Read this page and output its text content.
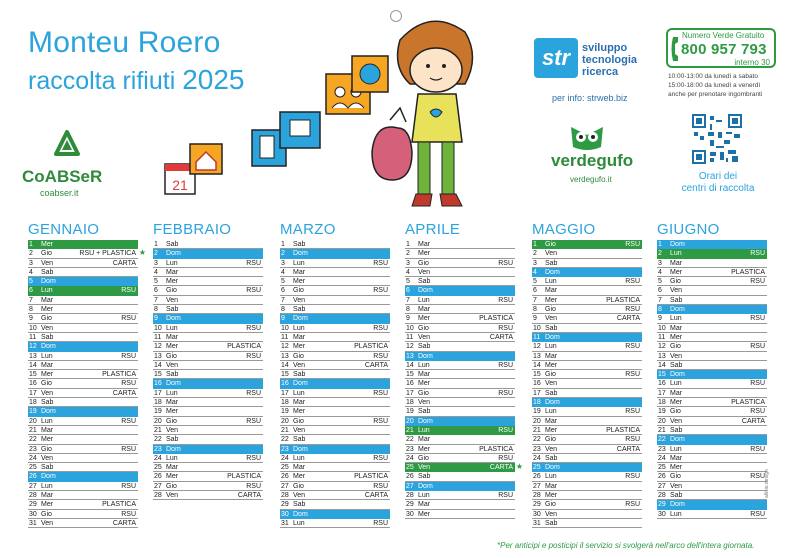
Monteu Roero
raccolta rifiuti 2025
CoABSeR
coabser.it	21
str	sviluppo
tecnologia
ricerca
per info: strweb.biz
verdegufo
verdegufo.it
Numero Verde Gratuito
800 957 793
interno 30
10:00-13:00 da lunedì a sabato
15:00-18:00 da lunedì a venerdì
anche per prenotare ingombranti
Orari dei
centri di raccolta
GENNAIO
1	Mer
2	Gio	RSU + PLASTICA ★
3	Ven	CARTA
4	Sab
5	Dom
6	Lun	RSU
7	Mar
8	Mer
9	Gio	RSU
10 Ven
11 Sab
12 Dom
13 Lun	RSU
14 Mar
15 Mer	PLASTICA
16 Gio	RSU
17 Ven	CARTA
18 Sab
19 Dom
20 Lun	RSU
21 Mar
22 Mer
23 Gio	RSU
24 Ven
25 Sab
26 Dom
27 Lun	RSU
28 Mar
29 Mer	PLASTICA
30 Gio	RSU
31 Ven	CARTA
FEBBRAIO
1	Sab
2	Dom
3	Lun	RSU
4	Mar
5	Mer
6	Gio	RSU
7	Ven
8	Sab
9	Dom
10 Lun	RSU
11 Mar
12 Mer	PLASTICA
13 Gio	RSU
14 Ven
15 Sab
16 Dom
17 Lun	RSU
18 Mar
19 Mer
20 Gio	RSU
21 Ven
22 Sab
23 Dom
24 Lun	RSU
25 Mar
26 Mer	PLASTICA
27 Gio	RSU
28 Ven	CARTA
MARZO
1	Sab
2	Dom
3	Lun	RSU
4	Mar
5	Mer
6	Gio	RSU
7	Ven
8	Sab
9	Dom
10 Lun	RSU
11 Mar
12 Mer	PLASTICA
13 Gio	RSU
14 Ven	CARTA
15 Sab
16 Dom
17 Lun	RSU
18 Mar
19 Mer
20 Gio	RSU
21 Ven
22 Sab
23 Dom
24 Lun	RSU
25 Mar
26 Mer	PLASTICA
27 Gio	RSU
28 Ven	CARTA
29 Sab
30 Dom
31 Lun	RSU
APRILE
1	Mar
2	Mer
3	Gio	RSU
4	Ven
5	Sab
6	Dom
7	Lun	RSU
8	Mar
9	Mer	PLASTICA
10 Gio	RSU
11 Ven	CARTA
12 Sab
13 Dom
14 Lun	RSU
15 Mar
16 Mer
17 Gio	RSU
18 Ven
19 Sab
20 Dom
21 Lun	RSU
22 Mar
23 Mer	PLASTICA
24 Gio	RSU
25 Ven	CARTA ★
26 Sab
27 Dom
28 Lun	RSU
29 Mar
30 Mer
MAGGIO
1	Gio	RSU
2	Ven
3	Sab
4	Dom
5	Lun	RSU
6	Mar
7	Mer	PLASTICA
8	Gio	RSU
9	Ven	CARTA
10 Sab
11 Dom
12 Lun	RSU
13 Mar
14 Mer
15 Gio	RSU
16 Ven
17 Sab
18 Dom
19 Lun	RSU
20 Mar
21 Mer	PLASTICA
22 Gio	RSU
23 Ven	CARTA
24 Sab
25 Dom
26 Lun	RSU
27 Mar
28 Mer
29 Gio	RSU
30 Ven
31 Sab
GIUGNO
1	Dom
2	Lun	RSU
3	Mar
4	Mer	PLASTICA
5	Gio	RSU
6	Ven
7	Sab
8	Dom
9	Lun	RSU
10 Mar
11 Mer
12 Gio	RSU
13 Ven
14 Sab
15 Dom
16 Lun	RSU
17 Mar
18 Mer	PLASTICA
19 Gio	RSU
20 Ven	CARTA
21 Sab
22 Dom
23 Lun	RSU
24 Mar
25 Mer
26 Gio	RSU
27 Ven
28 Sab
29 Dom
30 Lun	RSU
*Per anticipi e posticipi il servizio si svolgerà nell'arco dell'intera giornata.
allisio.design
